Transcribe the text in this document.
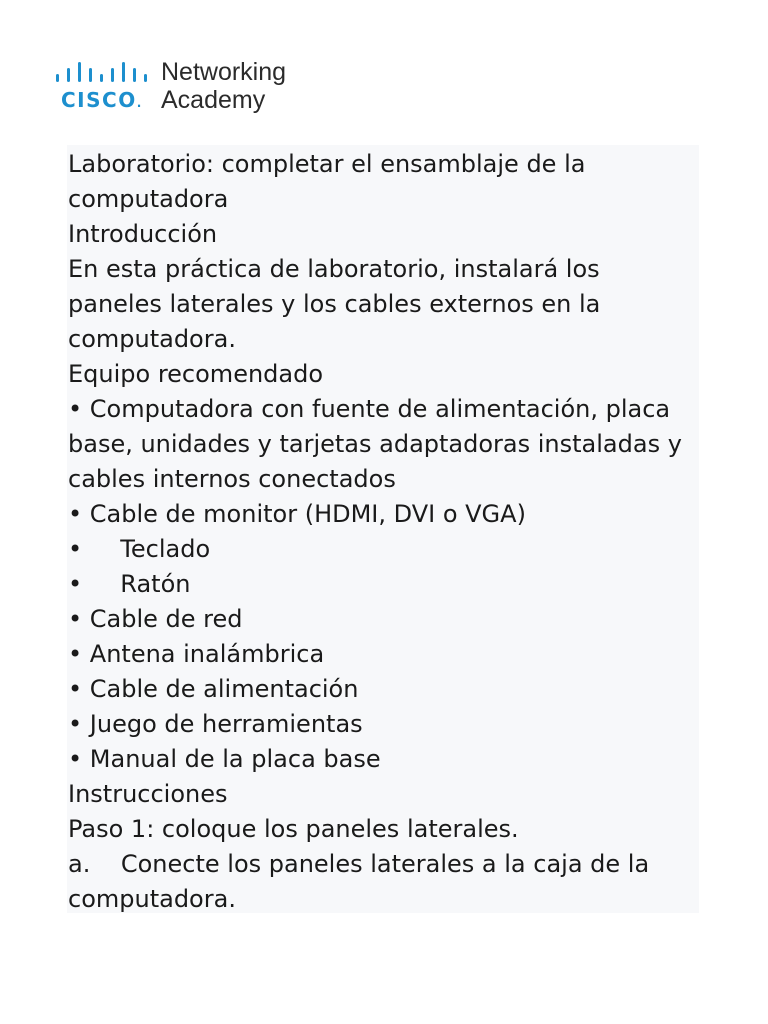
CISCO.
Networking
Academy

Laboratorio: completar el ensamblaje de la computadora

Introducción

En esta práctica de laboratorio, instalará los paneles laterales y los cables externos en la computadora.

Equipo recomendado

• Computadora con fuente de alimentación, placa base, unidades y tarjetas adaptadoras instaladas y cables internos conectados

• Cable de monitor (HDMI, DVI o VGA)

•     Teclado

•     Ratón

• Cable de red

• Antena inalámbrica

• Cable de alimentación

• Juego de herramientas

• Manual de la placa base

Instrucciones

Paso 1: coloque los paneles laterales.

a.    Conecte los paneles laterales a la caja de la computadora.
